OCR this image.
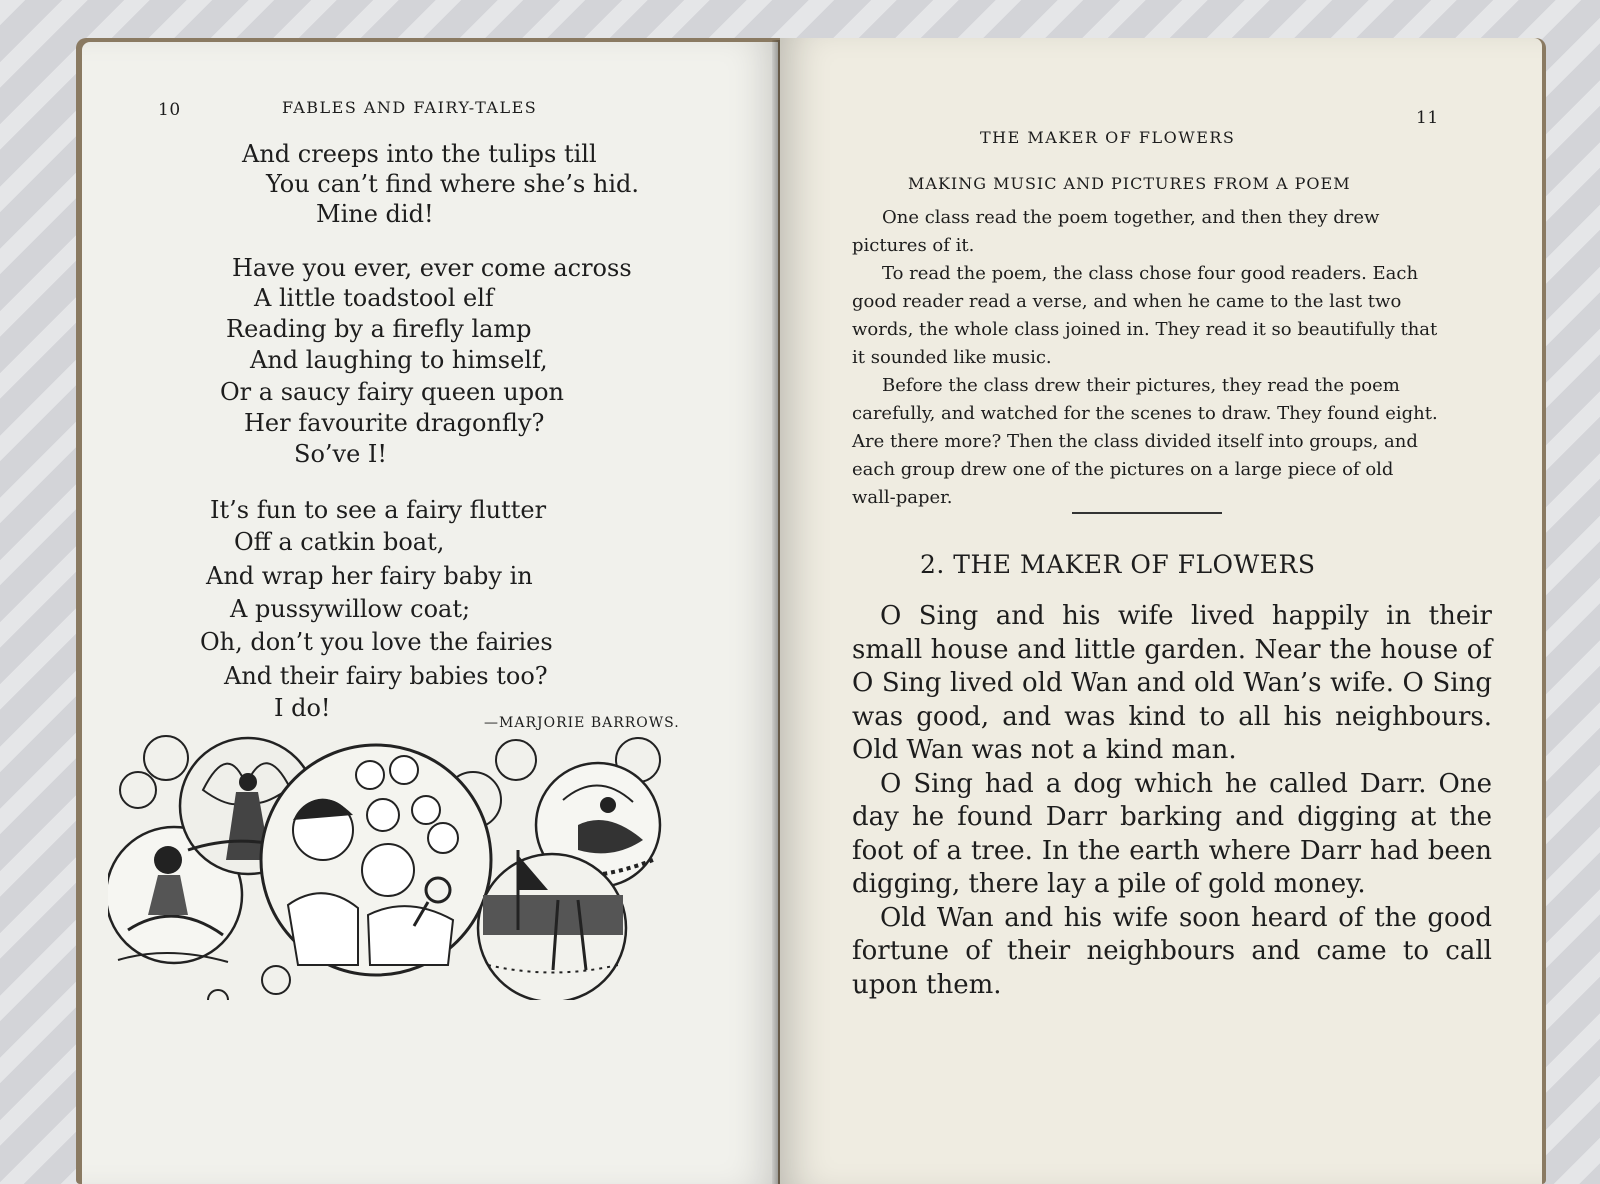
10	FABLES AND FAIRY-TALES
And creeps into the tulips till
You can’t find where she’s hid.
Mine did!
Have you ever, ever come across
A little toadstool elf
Reading by a firefly lamp
And laughing to himself,
Or a saucy fairy queen upon
Her favourite dragonfly?
So’ve I!
It’s fun to see a fairy flutter
Off a catkin boat,
And wrap her fairy baby in
A pussywillow coat;
Oh, don’t you love the fairies
And their fairy babies too?
I do!
—MARJORIE BARROWS.
THE MAKER OF FLOWERS
11
MAKING MUSIC AND PICTURES FROM A POEM

One class read the poem together, and then they drew pictures of it.

To read the poem, the class chose four good readers. Each good reader read a verse, and when he came to the last two words, the whole class joined in. They read it so beautifully that it sounded like music.

Before the class drew their pictures, they read the poem carefully, and watched for the scenes to draw. They found eight. Are there more? Then the class divided itself into groups, and each group drew one of the pictures on a large piece of old wall-paper.

2. THE MAKER OF FLOWERS

O Sing and his wife lived happily in their small house and little garden. Near the house of O Sing lived old Wan and old Wan’s wife. O Sing was good, and was kind to all his neighbours. Old Wan was not a kind man.

O Sing had a dog which he called Darr. One day he found Darr barking and digging at the foot of a tree. In the earth where Darr had been digging, there lay a pile of gold money.

Old Wan and his wife soon heard of the good fortune of their neighbours and came to call upon them.
